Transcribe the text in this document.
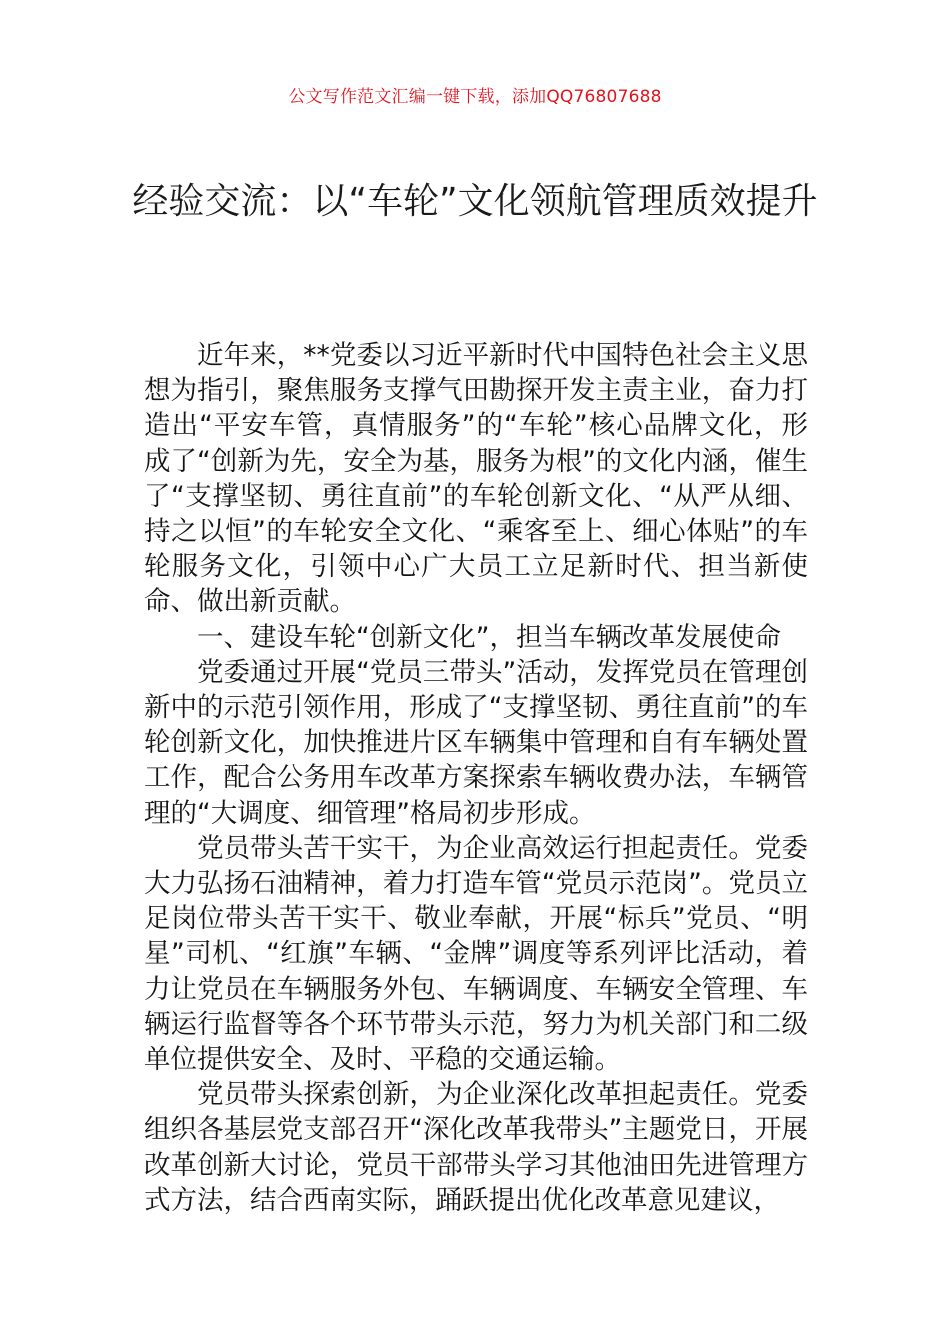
公文写作范文汇编一键下载，添加QQ76807688
经验交流：以“车轮”文化领航管理质效提升

近年来，**党委以习近平新时代中国特色社会主义思想为指引，聚焦服务支撑气田勘探开发主责主业，奋力打造出“平安车管，真情服务”的“车轮”核心品牌文化，形成了“创新为先，安全为基，服务为根”的文化内涵，催生了“支撑坚韧、勇往直前”的车轮创新文化、“从严从细、持之以恒”的车轮安全文化、“乘客至上、细心体贴”的车轮服务文化，引领中心广大员工立足新时代、担当新使命、做出新贡献。

一、建设车轮“创新文化”，担当车辆改革发展使命

党委通过开展“党员三带头”活动，发挥党员在管理创新中的示范引领作用，形成了“支撑坚韧、勇往直前”的车轮创新文化，加快推进片区车辆集中管理和自有车辆处置工作，配合公务用车改革方案探索车辆收费办法，车辆管理的“大调度、细管理”格局初步形成。

党员带头苦干实干，为企业高效运行担起责任。党委大力弘扬石油精神，着力打造车管“党员示范岗”。党员立足岗位带头苦干实干、敬业奉献，开展“标兵”党员、“明星”司机、“红旗”车辆、“金牌”调度等系列评比活动，着力让党员在车辆服务外包、车辆调度、车辆安全管理、车辆运行监督等各个环节带头示范，努力为机关部门和二级单位提供安全、及时、平稳的交通运输。

党员带头探索创新，为企业深化改革担起责任。党委组织各基层党支部召开“深化改革我带头”主题党日，开展改革创新大讨论，党员干部带头学习其他油田先进管理方式方法，结合西南实际，踊跃提出优化改革意见建议，
